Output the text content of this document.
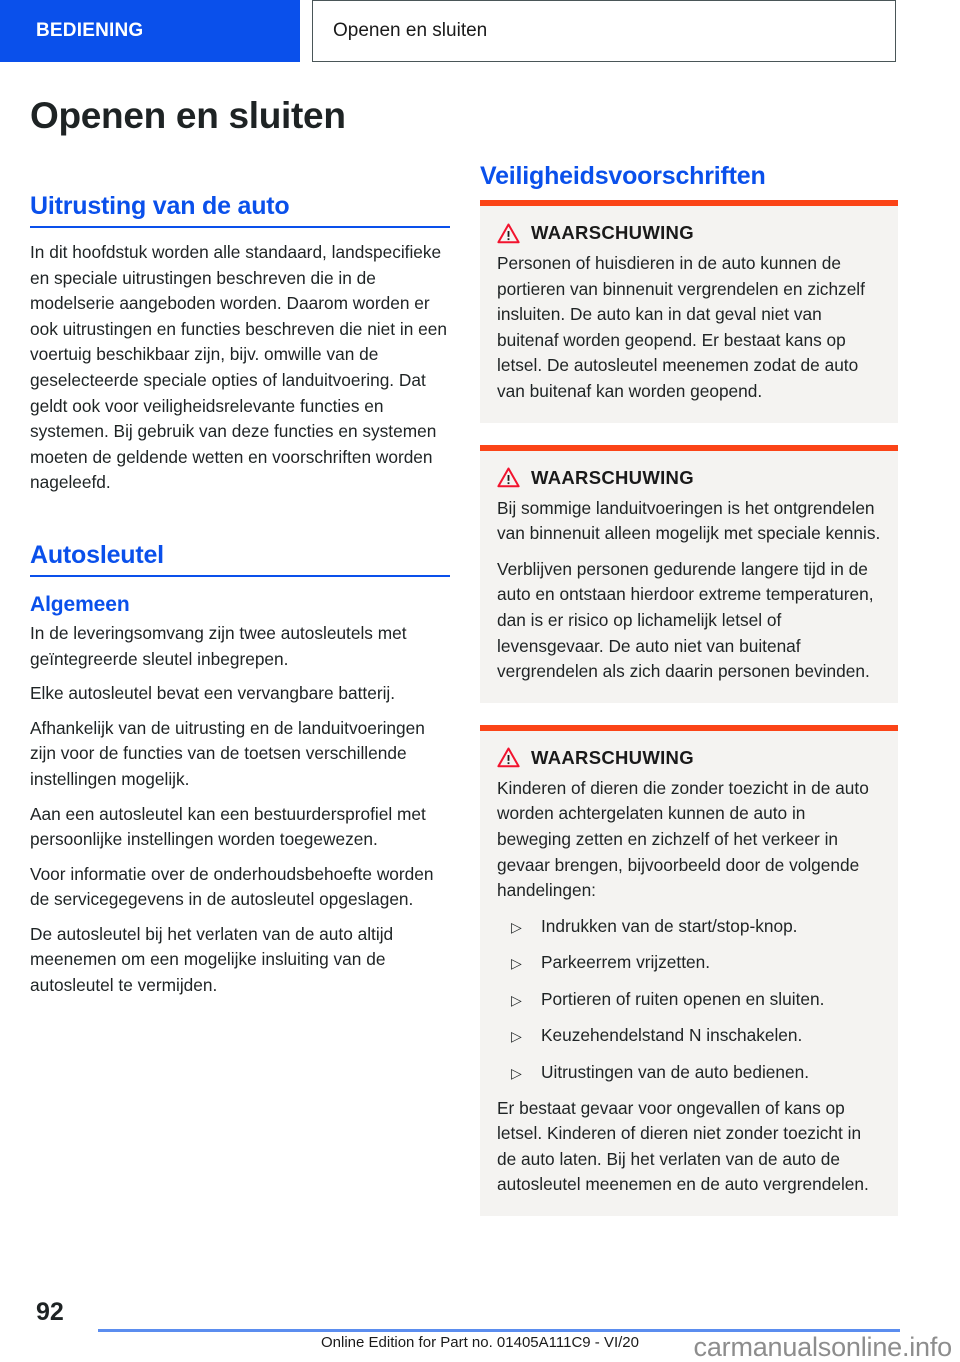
BEDIENING	Openen en sluiten
Openen en sluiten
Uitrusting van de auto

In dit hoofdstuk worden alle standaard, landspecifieke en speciale uitrustingen beschreven die in de modelserie aangeboden worden. Daarom worden er ook uitrustingen en functies beschreven die niet in een voertuig beschikbaar zijn, bijv. omwille van de geselecteerde speciale opties of landuitvoering. Dat geldt ook voor veiligheidsrelevante functies en systemen. Bij gebruik van deze functies en systemen moeten de geldende wetten en voorschriften worden nageleefd.

Autosleutel
Algemeen

In de leveringsomvang zijn twee autosleutels met geïntegreerde sleutel inbegrepen.

Elke autosleutel bevat een vervangbare batterij.

Afhankelijk van de uitrusting en de landuitvoeringen zijn voor de functies van de toetsen verschillende instellingen mogelijk.

Aan een autosleutel kan een bestuurdersprofiel met persoonlijke instellingen worden toegewezen.

Voor informatie over de onderhoudsbehoefte worden de servicegegevens in de autosleutel opgeslagen.

De autosleutel bij het verlaten van de auto altijd meenemen om een mogelijke insluiting van de autosleutel te vermijden.

Veiligheidsvoorschriften
WAARSCHUWING

Personen of huisdieren in de auto kunnen de portieren van binnenuit vergrendelen en zichzelf insluiten. De auto kan in dat geval niet van buitenaf worden geopend. Er bestaat kans op letsel. De autosleutel meenemen zodat de auto van buitenaf kan worden geopend.

WAARSCHUWING

Bij sommige landuitvoeringen is het ontgrendelen van binnenuit alleen mogelijk met speciale kennis.

Verblijven personen gedurende langere tijd in de auto en ontstaan hierdoor extreme temperaturen, dan is er risico op lichamelijk letsel of levensgevaar. De auto niet van buitenaf vergrendelen als zich daarin personen bevinden.

WAARSCHUWING

Kinderen of dieren die zonder toezicht in de auto worden achtergelaten kunnen de auto in beweging zetten en zichzelf of het verkeer in gevaar brengen, bijvoorbeeld door de volgende handelingen:

▷ Indrukken van de start/stop-knop.
▷ Parkeerrem vrijzetten.
▷ Portieren of ruiten openen en sluiten.
▷ Keuzehendelstand N inschakelen.
▷ Uitrustingen van de auto bedienen.

Er bestaat gevaar voor ongevallen of kans op letsel. Kinderen of dieren niet zonder toezicht in de auto laten. Bij het verlaten van de auto de autosleutel meenemen en de auto vergrendelen.

92
Online Edition for Part no. 01405A111C9 - VI/20	carmanualsonline.info
